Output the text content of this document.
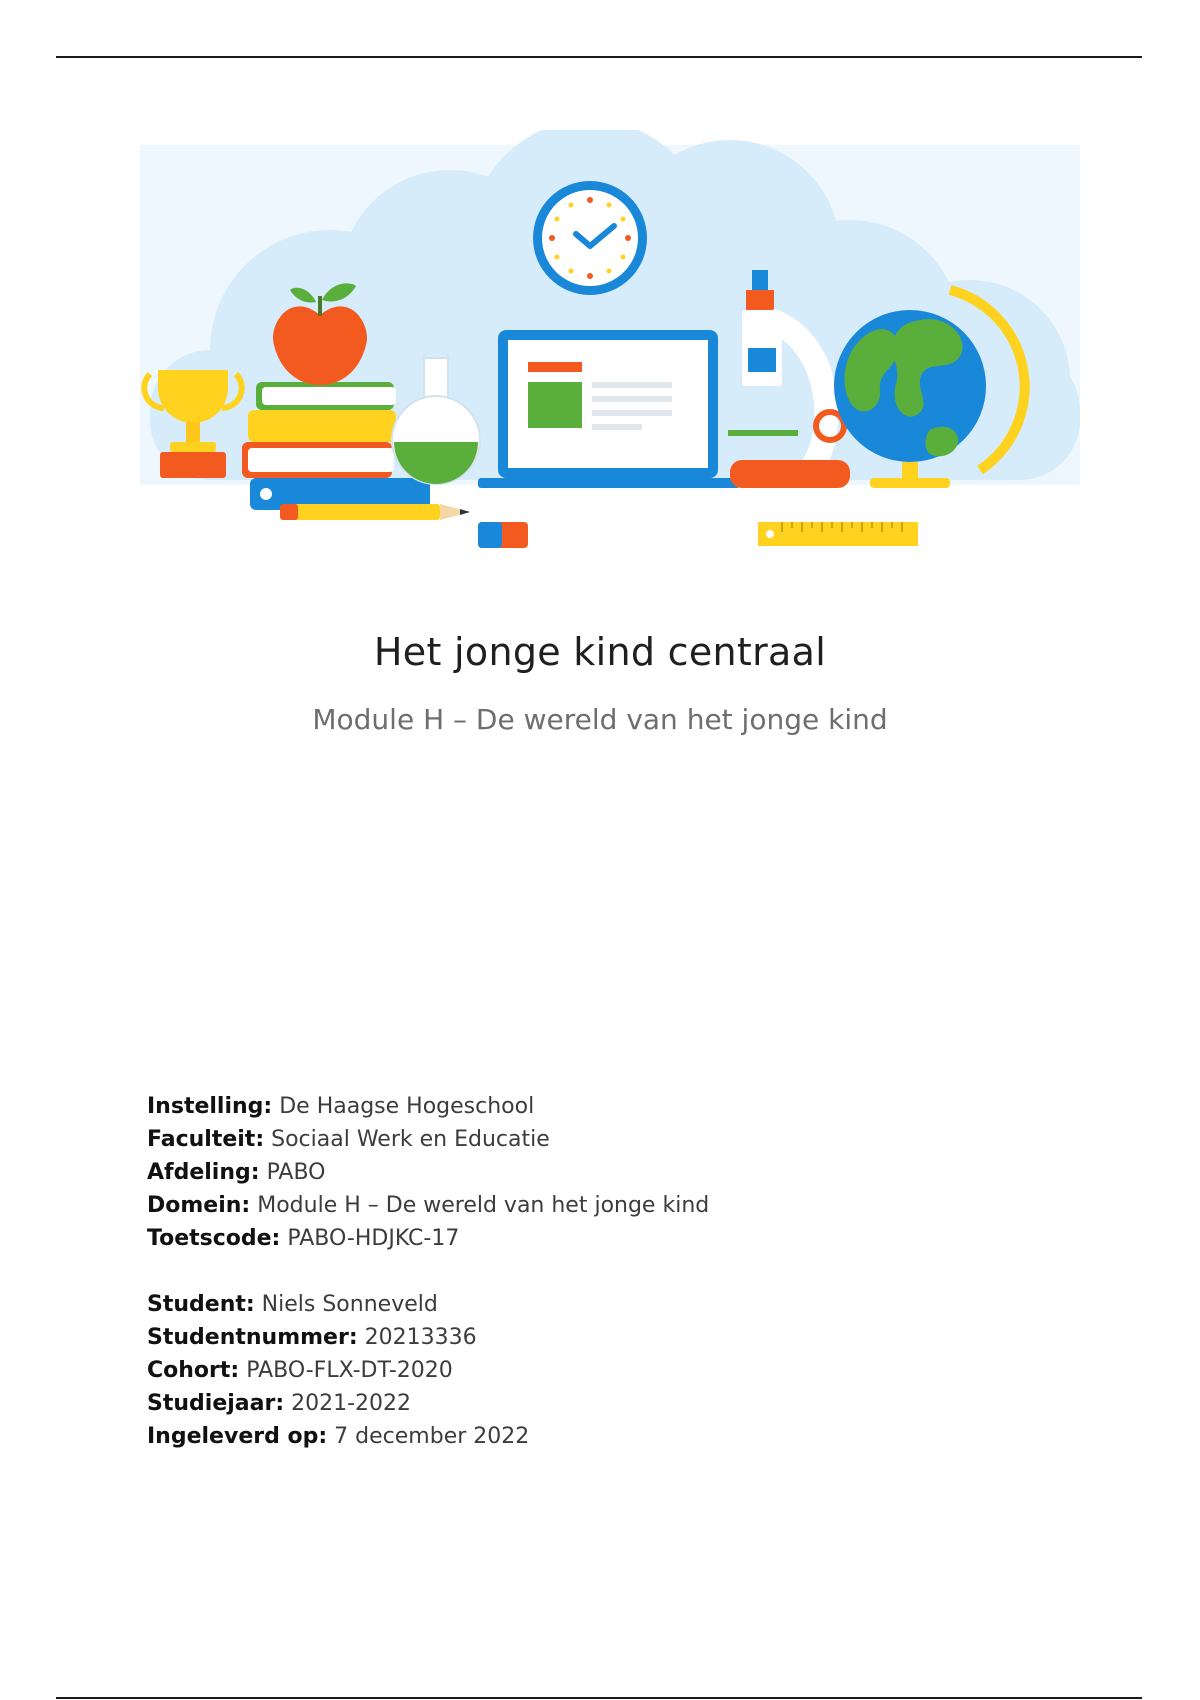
Het jonge kind centraal
Module H – De wereld van het jonge kind
Instelling: De Haagse Hogeschool
Faculteit: Sociaal Werk en Educatie
Afdeling: PABO
Domein: Module H – De wereld van het jonge kind
Toetscode: PABO-HDJKC-17
Student: Niels Sonneveld
Studentnummer: 20213336
Cohort: PABO-FLX-DT-2020
Studiejaar: 2021-2022
Ingeleverd op: 7 december 2022
